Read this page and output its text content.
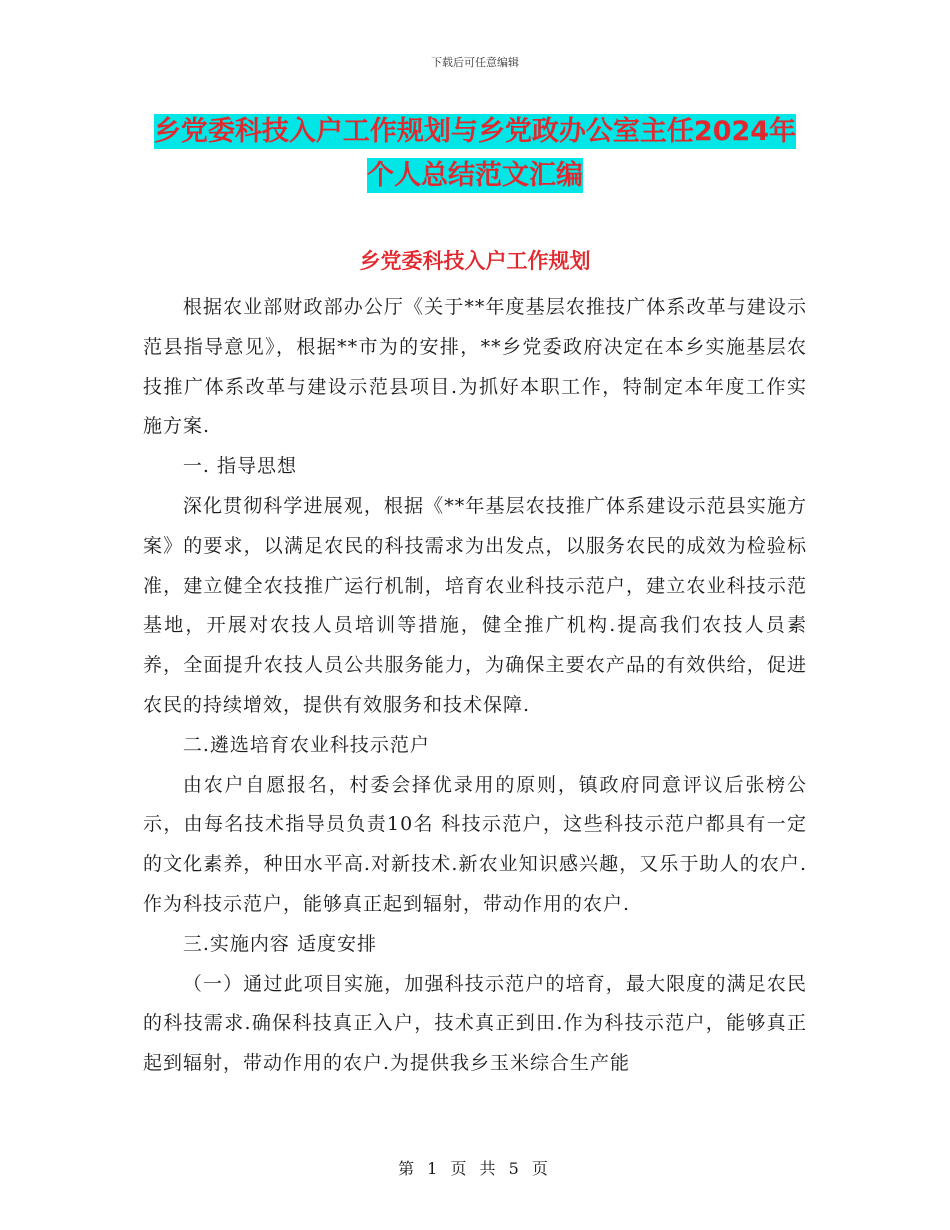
下载后可任意编辑
乡党委科技入户工作规划与乡党政办公室主任2024年
个人总结范文汇编
乡党委科技入户工作规划

根据农业部财政部办公厅《关于**年度基层农推技广体系改革与建设示范县指导意见》，根据**市为的安排，**乡党委政府决定在本乡实施基层农技推广体系改革与建设示范县项目.为抓好本职工作，特制定本年度工作实施方案.

一. 指导思想

深化贯彻科学进展观，根据《**年基层农技推广体系建设示范县实施方案》的要求，以满足农民的科技需求为出发点，以服务农民的成效为检验标准，建立健全农技推广运行机制，培育农业科技示范户，建立农业科技示范基地，开展对农技人员培训等措施，健全推广机构.提高我们农技人员素养，全面提升农技人员公共服务能力，为确保主要农产品的有效供给，促进农民的持续增效，提供有效服务和技术保障.

二.遴选培育农业科技示范户

由农户自愿报名，村委会择优录用的原则，镇政府同意评议后张榜公示，由每名技术指导员负责10名 科技示范户，这些科技示范户都具有一定的文化素养，种田水平高.对新技术.新农业知识感兴趣，又乐于助人的农户.作为科技示范户，能够真正起到辐射，带动作用的农户.

三.实施内容 适度安排

（一）通过此项目实施，加强科技示范户的培育，最大限度的满足农民的科技需求.确保科技真正入户，技术真正到田.作为科技示范户，能够真正起到辐射，带动作用的农户.为提供我乡玉米综合生产能

第 1 页 共 5 页
